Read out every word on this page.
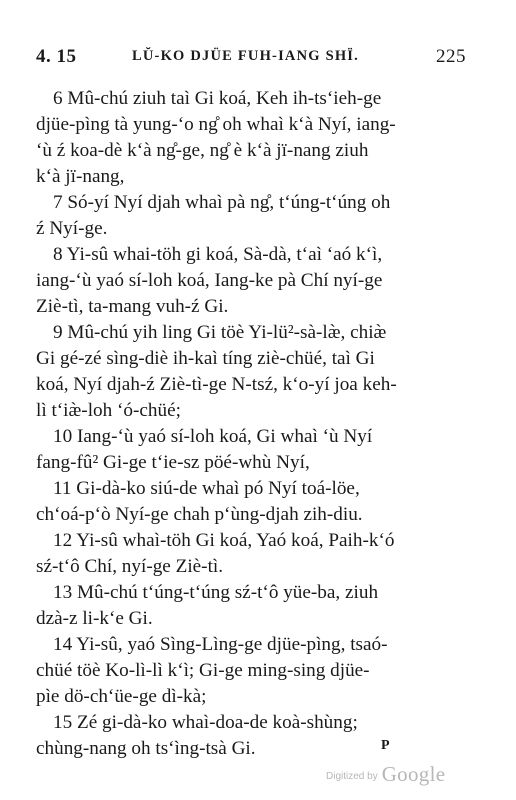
4. 15	LŬ-KO DJÜE FUH-IANG SHÏ.	225
6 Mû-chú ziuh taì Gi koá, Keh ih-ts‘ieh-ge
djüe-pìng tà yung-‘o ng̊ oh whaì k‘à Nyí, iang-
‘ù ź koa-dè k‘à ng̊-ge, ng̊ è k‘à jï-nang ziuh
k‘à jï-nang,
7 Só-yí Nyí djah whaì pà ng̊, t‘úng-t‘úng oh
ź Nyí-ge.
8 Yi-sû whai-töh gi koá, Sà-dà, t‘aì ‘aó k‘ì,
iang-‘ù yaó sí-loh koá, Iang-ke pà Chí nyí-ge
Ziè-tì, ta-mang vuh-ź Gi.
9 Mû-chú yih ling Gi töè Yi-lü²-sà-læ̀, chiæ̀
Gi gé-zé sìng-diè ih-kaì tíng ziè-chüé, taì Gi
koá, Nyí djah-ź Ziè-tì-ge N-tsź, k‘o-yí joa keh-
lì t‘iæ̀-loh ‘ó-chüé;
10 Iang-‘ù yaó sí-loh koá, Gi whaì ‘ù Nyí
fang-fû² Gi-ge t‘ie-sz pöé-whù Nyí,
11 Gi-dà-ko siú-de whaì pó Nyí toá-löe,
ch‘oá-p‘ò Nyí-ge chah p‘ùng-djah zih-diu.
12 Yi-sû whaì-töh Gi koá, Yaó koá, Paih-k‘ó
sź-t‘ô Chí, nyí-ge Ziè-tì.
13 Mû-chú t‘úng-t‘úng sź-t‘ô yüe-ba, ziuh
dzà-z li-k‘e Gi.
14 Yi-sû, yaó Sìng-Lìng-ge djüe-pìng, tsaó-
chüé töè Ko-lì-lì k‘ì; Gi-ge ming-sing djüe-
pìe dö-ch‘üe-ge dì-kà;
15 Zé gi-dà-ko whaì-doa-de koà-shùng;
chùng-nang oh ts‘ìng-tsà Gi.	P
Digitized by Google
